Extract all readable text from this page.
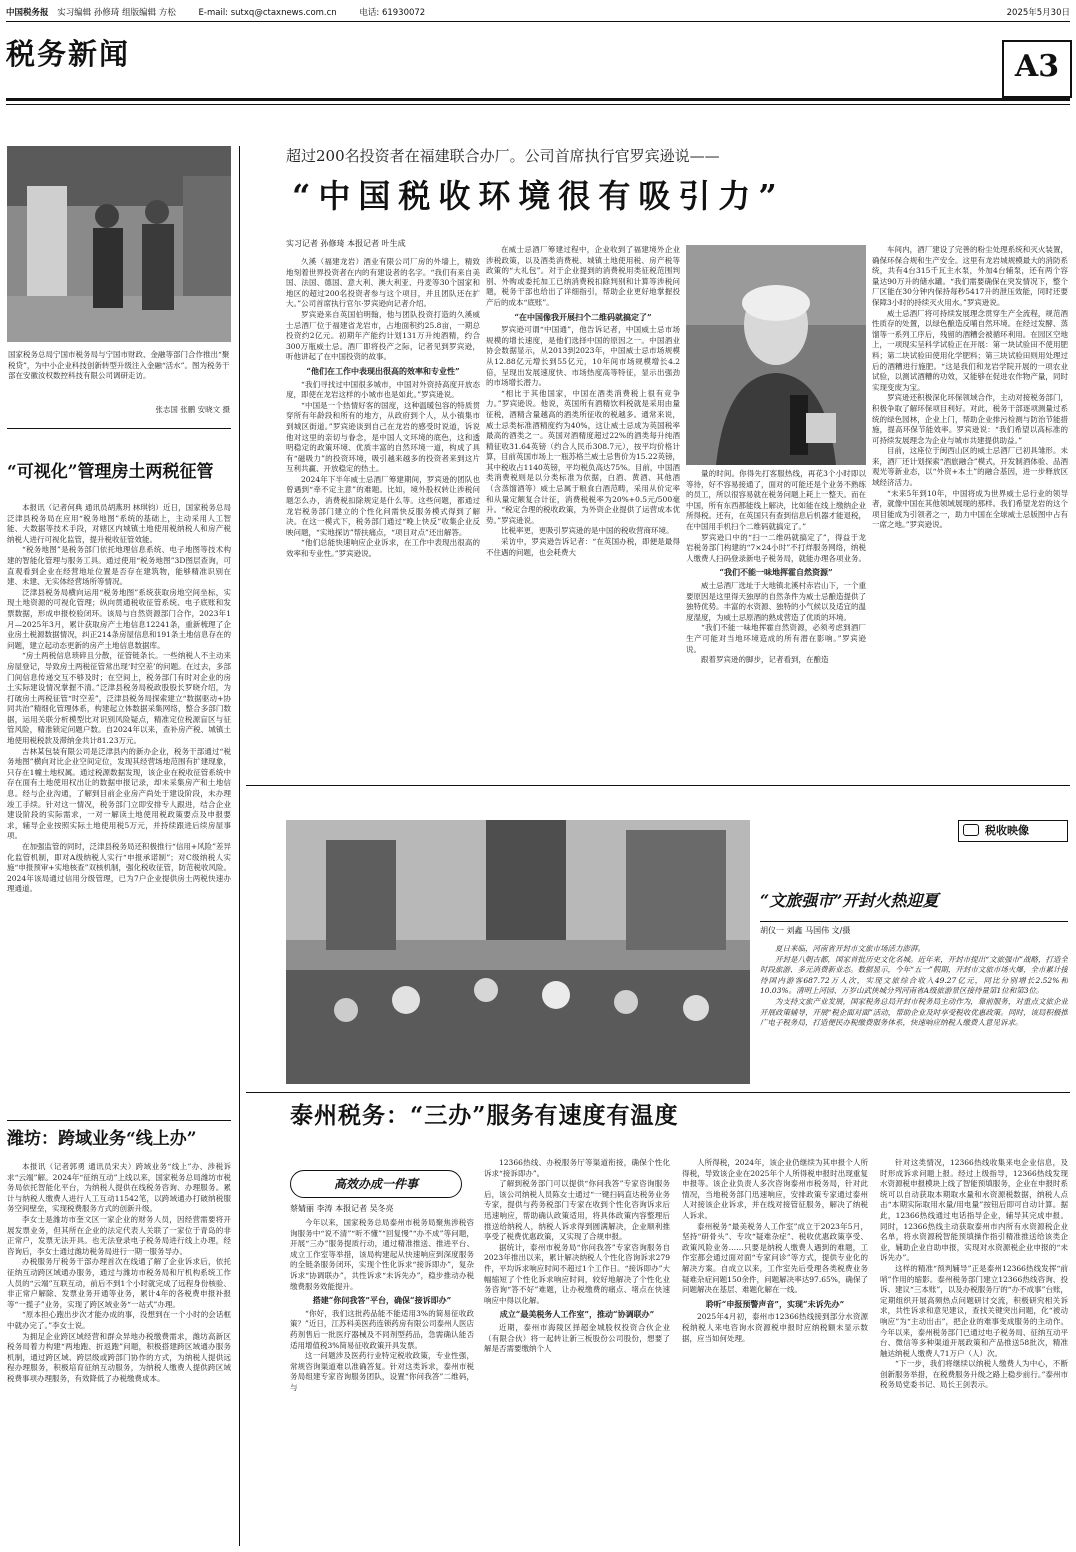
中国税务报 实习编辑 孙修琦 组版编辑 方松	E-mail: sutxq@ctaxnews.com.cn	电话: 61930072	2025年5月30日
税务新闻	A3
国家税务总局宁国市税务局与宁国市财政、金融等部门合作推出“聚税贷”，为中小企业科技创新转型升级注入金融“活水”。图为税务干部在安徽汝权数控科技有限公司调研走访。
张志国 张鹏 安晓文 摄
“可视化”管理房土两税征管

本报讯（记者何典 通讯员胡燕玥 林琪钧）近日，国家税务总局泛津县税务局在应用“税务地图”系统的基础上，主动采用人工智能、大数据等技术手段，对辖区内城镇土地使用税纳税人和房产税纳税人进行可视化监管，提升税收征管效能。

“税务地图”是税务部门依托地理信息系统、电子地图等技术构建的智能化管理与服务工具。通过使用“税务地图”3D图层查询，可直观看到企业在经营地址位置是否存在建筑物，能够精准识别在建、未建、无实体经营场所等情况。

泛津县税务局横向运用“税务地图”系统获取房地空间坐标，实现土地资源的可视化管理；纵向贯通税收征管系统、电子底账和发票数据，形成申报校验闭环。该局与自然资源部门合作，2023年1月—2025年3月，累计获取房产土地信息12241条，重新梳理了企业房土税源数据情况，纠正214条房屋信息和191条土地信息存在的问题，建立起动态更新的房产土地信息数据库。

“房土两税信息琐碎且分散，征管链条长。一些纳税人不主动来房屋登记，导致房土两税征管常出现‘时空差’的问题。在过去，多部门间信息传递交互不够及时；在空间上，税务部门有时对企业的房土实际建设情况掌握不清。”泛津县税务局税政股股长罗晓介绍，为打破房土两税征管“时空差”，泛津县税务局探索建立“数据驱动+协同共治”精细化管理体系，构建起立体数据采集网络，整合多部门数据，运用关联分析模型比对识别风险疑点，精准定位税源盲区与征管风险，精准锁定问题户数。自2024年以来，查补房产税、城镇土地使用税税款及滞纳金共计81.23万元。

吉林某包装有限公司是泛津县内的新办企业，税务干部通过“税务地图”横向对比企业空间定位，发现其经营场地范围有扩建现象，只存在1幢土地权属。通过税源数据发现，该企业在税收征管系统中存在面有土地使用权出让的数据申报记录，却未采集房产和土地信息。经与企业沟通，了解到目前企业房产尚处于建设阶段，未办理竣工手续。针对这一情况，税务部门立即安排专人跟进，结合企业建设阶段的实际需求，一对一解读土地使用税政策要点及申报要求，辅导企业按照实际土地使用税5万元，并持续跟进后续房屋事项。

在加强监管的同时，泛津县税务局还积极推行“信用+风险”差异化监管机制，即对A级纳税人实行“申报承诺制”；对C级纳税人实施“申报预审+实地核查”双核机制，强化税收征管，防范税收风险。2024年该局通过信用分级管理，已为7户企业提供房土两税快速办理通道。

潍坊：跨域业务“线上办”

本报讯（记者郭勇 通讯员宋夫）跨域业务“线上”办、涉税诉求“云端”解。2024年“征纳互动”上线以来，国家税务总局潍坊市税务局依托智能化平台，为纳税人提供在线税务咨询、办理服务。累计与纳税人缴费人进行人工互动11542笔，以跨域通办打破纳税服务空间壁垒，实现税费服务方式的创新升级。

李女士是潍坊市奎文区一家企业的财务人员，因经营需要将开展发票业务，但其所在企业的法定代表人关联了一家位于青岛的非正常户，发票无法开具。也无法登录电子税务局进行线上办理，经咨询后，李女士通过潍坊税务局进行一期一服务导办。

办税服务厅税务干部办理首次在线通了解了企业诉求后，依托征纳互动跨区域通办服务，通过与潍坊市税务局和厅机构系统工作人员的“云端”互联互动，前后不到1个小时就完成了远程身份核验、非正常户解除、发票业务开通等业务，累计4年的各税费申报补报等“一揽子”业务，实现了跨区域业务“一站式”办理。

“原本担心跑出步次才能办成的事，没想到在一个小时的会话框中就办完了。”李女士说。

为拥足企业跨区域经营和群众异地办税缴费需求，潍坊高新区税务局着力构建“两地跑、折返跑”问题，积极搭建跨区域通办服务机制，通过跨区域、跨层级或跨部门协作的方式，为纳税人提供远程办理服务，积极培育征纳互动服务，为纳税人缴费人提供跨区域税费事项办理服务，有效降低了办税缴费成本。

超过200名投资者在福建联合办厂。公司首席执行官罗宾逊说——
“中国税收环境很有吸引力”
实习记者 孙修琦 本报记者 叶生成

久溪（福建龙岩）酒业有限公司厂房的外墙上，精致地刻着世界投资者在内的有建设者的名字。“我们有来自美国、法国、德国、意大利、澳大利亚、丹麦等30个国家和地区的超过200名投资者参与这个项目，并且团队还在扩大。”公司首席执行官尔·罗宾逊向记者介绍。

罗宾逊来自英国伯明翰，他与团队投资打造的久溪威士忌酒厂位于福建省龙岩市，占地面积约25.8亩，一期总投资约2亿元。初期年产能约计划131万升纯酒精，约合300万瓶威士忌。酒厂即将投产之际，记者见到罗宾逊，听他讲起了在中国投资的故事。

“他们在工作中表现出很高的效率和专业性”

“我们寻找过中国很多城市，中国对外资持高度开放态度，即使在龙岩这样的小城市也是如此。”罗宾逊说。

“中国是一个热情好客的国度，这种温暖包容的特质贯穿所有年龄段和所有的地方，从政府到个人，从小镇集市到城区街道。”罗宾逊谈到自己在龙岩的感受时说道，诉说他对这里的亲切与眷念，是中国人文环境的底色，这和透明稳定的政策环境、优质丰富的自然环境一道，构成了具有“磁吸力”的投资环境，吸引越来越多的投资者来到这片互利共赢、开放稳定的热土。

2024年下半年威士忌酒厂筹建期间，罗宾逊的团队也曾遇到“牵不定主意”的难题。比如，境外股权转让涉税问题怎么办，消费税扣除规定是什么等。这些问题，都通过龙岩税务部门建立的个性化问需快反服务模式得到了解决。在这一模式下，税务部门通过“晚上快反”收集企业反映问题，“实地探访”帮扶痛点，“项目对点”还出解答。

“他们总能快速响应企业诉求，在工作中表现出很高的效率和专业性。”罗宾逊说。

在威士忌酒厂筹建过程中，企业收到了福建境外企业涉税政策，以及酒类消费税、城镇土地使用税、房产税等政策的“大礼包”。对于企业提到的消费税用类征税范围判别、外购或委托加工已纳消费税扣除判别和计算等涉税问题，税务干部也给出了详细指引，帮助企业更好地掌握投产后的成本“底账”。

“在中国像我开展扫个二维码就搞定了”

罗宾逊可谓“中国通”，他告诉记者，中国威士忌市场规模的增长速度，是他们选择中国的原因之一。中国酒业协会数据显示，从2013到2023年，中国威士忌市场规模从12.88亿元增长到55亿元，10年间市场规模增长4.2倍，呈现出发展速度快、市场热度高等特征，显示出强劲的市场增长潜力。

“相比于其他国家，中国在酒类消费税上很有竞争力。”罗宾逊说。他说，英国所有酒精饮料税就是采用由量征税，酒精含量越高的酒类所征收的税越多。通常来说，威士忌类标准酒精度约为40%，这让威士忌成为英国税率最高的酒类之一。英国对酒精度超过22%的酒类每升纯酒精征收31.64英镑（约合人民币308.7元），按平均价格计算，目前英国市场上一瓶苏格兰威士忌售价为15.22英镑，其中税收占1140英镑，平均税负高达75%。目前，中国酒类消费税则是以分类标准为依据，白酒、黄酒、其他酒（含蒸馏酒等）威士忌属于粮食白酒范畴，采用从价定率和从量定额复合计征，消费税税率为20%+0.5元/500毫升。“税定合理的税收政策，为外资企业提供了运营成本优势。”罗宾逊说。

比税率更，更吸引罗宾逊的是中国的税收营商环境。

采访中，罗宾逊告诉记者：“在英国办税，即便是最得不住遇的问题，也会耗费大

量的时间。你得先打客服热线，再花3个小时即以等待，好不容易接通了，面对的可能还是个业务不熟练的员工，所以很容易就在税务问题上耗上一整天。而在中国，所有东西都能线上解决，比如能在线上缴纳企业所得税。还有，在英国只有查到信息后机器才能退税，在中国用手机扫个二维码就搞定了。”

罗宾逊口中的“扫一二维码就搞定了”，得益于龙岩税务部门构建的“7×24小时”不打烊服务网络，纳税人缴费人扫码登录新电子税务局，就能办理各项业务。

“我们不能一味地挥霍自然资源”

威士忌酒厂选址于大地镇北溪村赤岩山下，一个重要原因是这里得天独厚的自然条件为威士忌酿造提供了独特优势。丰富的水资源、独特的小气候以及适宜的温度湿度，为威士忌原酒的熟成营造了优质的环境。

“我们不能一味地挥霍自然资源，必须考虑到酒厂生产可能对当地环境造成的所有潜在影响。”罗宾逊说。

跟着罗宾逊的脚步，记者看到，在酿造

车间内，酒厂建设了完善的粉尘处理系统和灭火装置，确保环保合规和生产安全。这里有龙岩城规模最大的消防系统，共有4台315千瓦主水泵，外加4台辅泵，还有两个容量达90万升的储水罐。“我们需要确保在突发情况下，整个厂区能在30分钟内保持每秒5417升的泄压效能，同时还要保障3小时的持续灭火用水。”罗宾逊说。

威士忌酒厂将可持续发展理念贯穿生产全流程，规范酒性质存的处置，以绿色酿造反哺自然环境。在经过发酵、蒸馏等一系列工序后，残留的酒糟会被循环利用。在园区空地上，一项现实呈科学试验正在开展：第一块试验田不使用肥料；第二块试验田使用化学肥料；第三块试验田则用处理过后的酒糟进行施肥。“这是我们和龙岩学院开展的一项农业试验，以测试酒糟的功效，又能够在促进农作物产量，同时实现变废为宝。

罗宾逊还积极深化环保领域合作，主动对接税务部门，积极争取了解环保项目利好。对此，税务干部逐项测量过系统的绿色园林，企业上门，帮助企业排污检测与防治节能措施，提高环保节能效率。罗宾逊说：“我们希望以高标准的可持续发展理念为企业与城市共建提供助益。”

目前，这座位于闽西山区的威士忌酒厂已初具雏形。未来，酒厂还计划探索“酒旅融合”模式，开发制酒体验、品酒观光等新业态，以“外资+本土”的融合基因，进一步释放区域经济活力。

“未来5年到10年，中国将成为世界威士忌行业的领导者，就像中国在其他领域展现的那样。我们希望龙岩的这个项目能成为引领者之一，助力中国在全球威士忌版图中占有一席之地。”罗宾逊说。

税收映像
“文旅强市”开封火热迎夏
胡仪一 刘鑫 马国伟 文/摄

夏日来临，河南省开封市文旅市场活力澎湃。

开封是八朝古都，国家首批历史文化名城。近年来，开封市提出“文旅强市”战略，打造全时段旅游、多元消费新业态。数据显示，今年“五一”假期，开封市文旅市场火爆，全市累计接待国内游客687.72万人次，实现文旅综合收入49.27亿元，同比分别增长2.52%和10.03%。清明上河园、万岁山武侠城分列河南省A级旅游景区接待量第1位和第3位。

为支持文旅产业发展，国家税务总局开封市税务局主动作为，靠前服务，对重点文旅企业开展政策辅导，开展“税企面对面”活动，帮助企业及时享受税收优惠政策。同时，该局积极推广电子税务局，打造便民办税缴费服务体系，快速响应纳税人缴费人意见诉求。

泰州税务：“三办”服务有速度有温度
高效办成一件事
蔡婧丽 李涛 本报记者 吴冬亮

今年以来，国家税务总局泰州市税务局聚焦涉税咨询服务中“说不清”“听不懂”“回复慢”“办不成”等问题，开展“三办”服务提质行动，通过精准推送、推进平台、成立工作室等举措，该局构建起从快速响应到深度服务的全链条服务闭环，实现个性化诉求“接诉即办”，复杂诉求“协调联办”，共性诉求“未诉先办”，稳步推动办税缴费服务效能提升。

搭建“你问我答”平台，确保“接诉即办”

“你好，我们这批药品能不能适用3%的简易征收政策？”近日，江苏科美医药连锁药房有限公司泰州人医店药剂售后一批医疗器械及不同剂型药品，急需确认能否适用增值税3%简易征收政策开具发票。

这一问题涉及医药行业特定税收政策，专业性强，常规咨询渠道难以准确答复。针对这类诉求，泰州市税务局组建专家咨询服务团队，设置“你问我答”二维码，与

12366热线、办税服务厅等渠道衔接，确保个性化诉求“接诉即办”。

了解到税务部门可以提供“你问我答”专家咨询服务后，该公司纳税人员陈女士通过“一键扫码直达税务业务专家，提供与药务税部门专家在收到个性化咨询诉求后迅速响应，帮助确认政策适用，将具体政策内容整理后推送给纳税人，纳税人诉求得到圆满解决，企业顺利推享受了税费优惠政策，又实现了合规申报。

据统计，泰州市税务局“你问我答”专家咨询服务自2023年推出以来，累计解决纳税人个性化咨询诉求279件，平均诉求响应时间不超过1个工作日。“接诉即办”大幅缩短了个性化诉求响应时间，较好地解决了个性化业务咨询“答不好”难题，让办税缴费的痛点、堵点在快速响应中得以化解。

成立“最美税务人工作室”，推动“协调联办”

近期，泰州市海陵区择超金城股权投资合伙企业（有限合伙）将一起转让新三板股份公司股份，想要了解是否需要缴纳个人

人所得税，2024年，该企业仍继续为其申报个人所得税，导致该企业在2025年个人所得税申报时出现重复申报等。该企业负责人多次咨询泰州市税务局，针对此情况，当地税务部门迅速响应，安排政策专家通过泰州人对接该企业诉求，并在线对接管征服务，解决了纳税人诉求。

泰州税务“最美税务人工作室”成立于2023年5月，坚持“研骨头”、专攻“疑难杂症”、税收优惠政策享受、政策风险业务……只要是纳税人缴费人遇到的难题，工作室都会通过面对面“专家问诊”等方式，提供专业化的解决方案。自成立以来，工作室先后受理各类税费业务疑难杂症问题150余件，问题解决率达97.65%，确保了问题解决在基层、难题化解在一线。

聆听“申报预警声音”，实现“未诉先办”

2025年4月初，泰州市12366热线接到部分水资源税纳税人来电咨询水资源税申报时应纳税额未显示数据，应当如何处理。

针对这类情况，12366热线收集来电企业信息，及时形成诉求问题上报。经过上级指导，12366热线发现水资源税申报模块上线了智能预填服务，企业在申报时系统可以自动获取本期取水量和水资源税数据，纳税人点击“本期实际取用水量/用电量”按钮后即可自动计算。据此，12366热线通过电话指导企业，辅导其完成申报。同时，12366热线主动获取泰州市内所有水资源税企业名单，将水资源税智能预填操作指引精准推送给该类企业，辅助企业自助申报，实现对水资源税企业申报的“未诉先办”。

这样的精准“预判辅导”正是泰州12366热线发挥“前哨”作用的缩影。泰州税务部门建立12366热线咨询、投诉、建议“三本账”，以及办税服务厅的“办不成事”台账，定期组织开展高频热点问题研讨交流，积极研究相关诉求，共性诉求和意见建议，查找关键突出问题，化“被动响应”为“主动出击”，把企业的难事变成服务的主动作。今年以来，泰州税务部门已通过电子税务局、征纳互动平台、微信等多种渠道开展政策和产品推送58批次，精准触达纳税人缴费人71万户（人）次。

“下一步，我们将继续以纳税人缴费人为中心，不断创新服务举措，在税费服务升级之路上稳步前行。”泰州市税务局党委书记、局长王剑表示。
